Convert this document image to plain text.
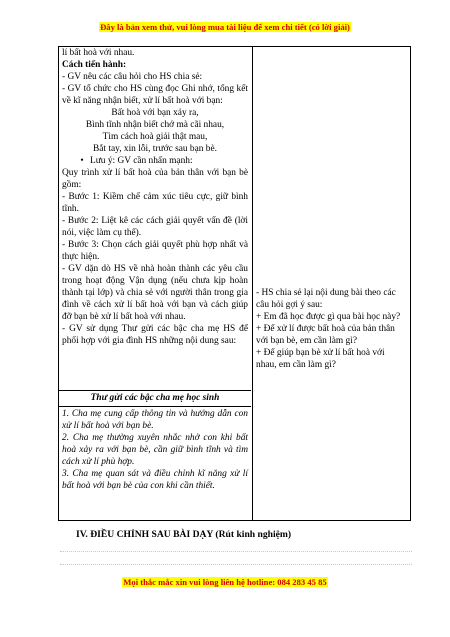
Đây là bản xem thử, vui lòng mua tài liệu để xem chi tiết (có lời giải)

lí bất hoà với nhau.

Cách tiến hành:

- GV nêu các câu hỏi cho HS chia sẻ:

- GV tổ chức cho HS cùng đọc Ghi nhớ, tổng kết về kĩ năng nhận biết, xử lí bất hoà với bạn:

Bất hoà với bạn xảy ra,

Bình tĩnh nhận biết chớ mà cãi nhau,

Tìm cách hoà giải thật mau,

Bắt tay, xin lỗi, trước sau bạn bè.

• Lưu ý: GV cần nhấn mạnh:

Quy trình xử lí bất hoà của bản thân với bạn bè gồm:

- Bước 1: Kiềm chế cảm xúc tiêu cực, giữ bình tĩnh.

- Bước 2: Liệt kê các cách giải quyết vấn đề (lời nói, việc làm cụ thể).

- Bước 3: Chọn cách giải quyết phù hợp nhất và thực hiện.

- GV dặn dò HS về nhà hoàn thành các yêu cầu trong hoạt động Vận dụng (nếu chưa kịp hoàn thành tại lớp) và chia sẻ với người thân trong gia đình về cách xử lí bất hoà với bạn và cách giúp đỡ bạn bè xử lí bất hoà với nhau.

- GV sử dụng Thư gửi các bậc cha mẹ HS để phối hợp với gia đình HS những nội dung sau:

- HS chia sẻ lại nội dung bài theo các câu hỏi gợi ý sau:

+ Em đã học được gì qua bài học này?

+ Để xử lí được bất hoà của bản thân với bạn bè, em cần làm gì?

+ Để giúp bạn bè xử lí bất hoà với nhau, em cần làm gì?

Thư gửi các bậc cha mẹ học sinh

1. Cha mẹ cung cấp thông tin và hướng dẫn con xử lí bất hoà với bạn bè.

2. Cha mẹ thường xuyên nhắc nhở con khi bất hoà xảy ra với bạn bè, cần giữ bình tĩnh và tìm cách xử lí phù hợp.

3. Cha mẹ quan sát và điều chỉnh kĩ năng xử lí bất hoà với bạn bè của con khi cần thiết.

IV. ĐIỀU CHỈNH SAU BÀI DẠY (Rút kinh nghiệm)
Mọi thắc mắc xin vui lòng liên hệ hotline: 084 283 45 85
